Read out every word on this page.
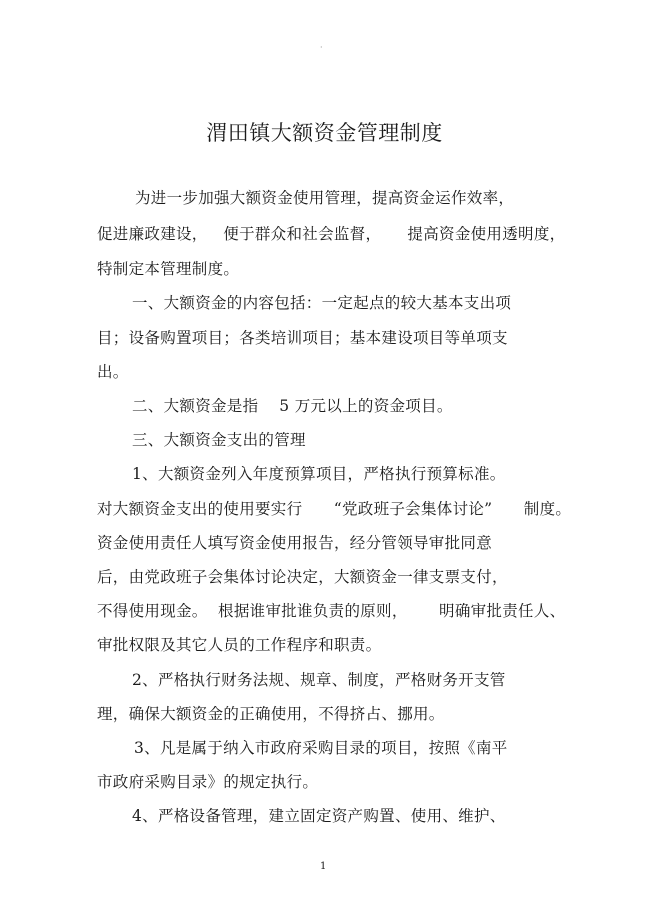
·
渭田镇大额资金管理制度
为进一步加强大额资金使用管理，提高资金运作效率，
促进廉政建设，   便于群众和社会监督，     提高资金使用透明度，
特制定本管理制度。
一、大额资金的内容包括：一定起点的较大基本支出项
目；设备购置项目；各类培训项目；基本建设项目等单项支
出。
二、大额资金是指    5 万元以上的资金项目。
三、大额资金支出的管理
1、大额资金列入年度预算项目，严格执行预算标准。
对大额资金支出的使用要实行      “党政班子会集体讨论”      制度。
资金使用责任人填写资金使用报告，经分管领导审批同意
后，由党政班子会集体讨论决定，大额资金一律支票支付，
不得使用现金。  根据谁审批谁负责的原则，      明确审批责任人、
审批权限及其它人员的工作程序和职责。
2、严格执行财务法规、规章、制度，严格财务开支管
理，确保大额资金的正确使用，不得挤占、挪用。
3、凡是属于纳入市政府采购目录的项目，按照《南平
市政府采购目录》的规定执行。
4、严格设备管理，建立固定资产购置、使用、维护、
1
